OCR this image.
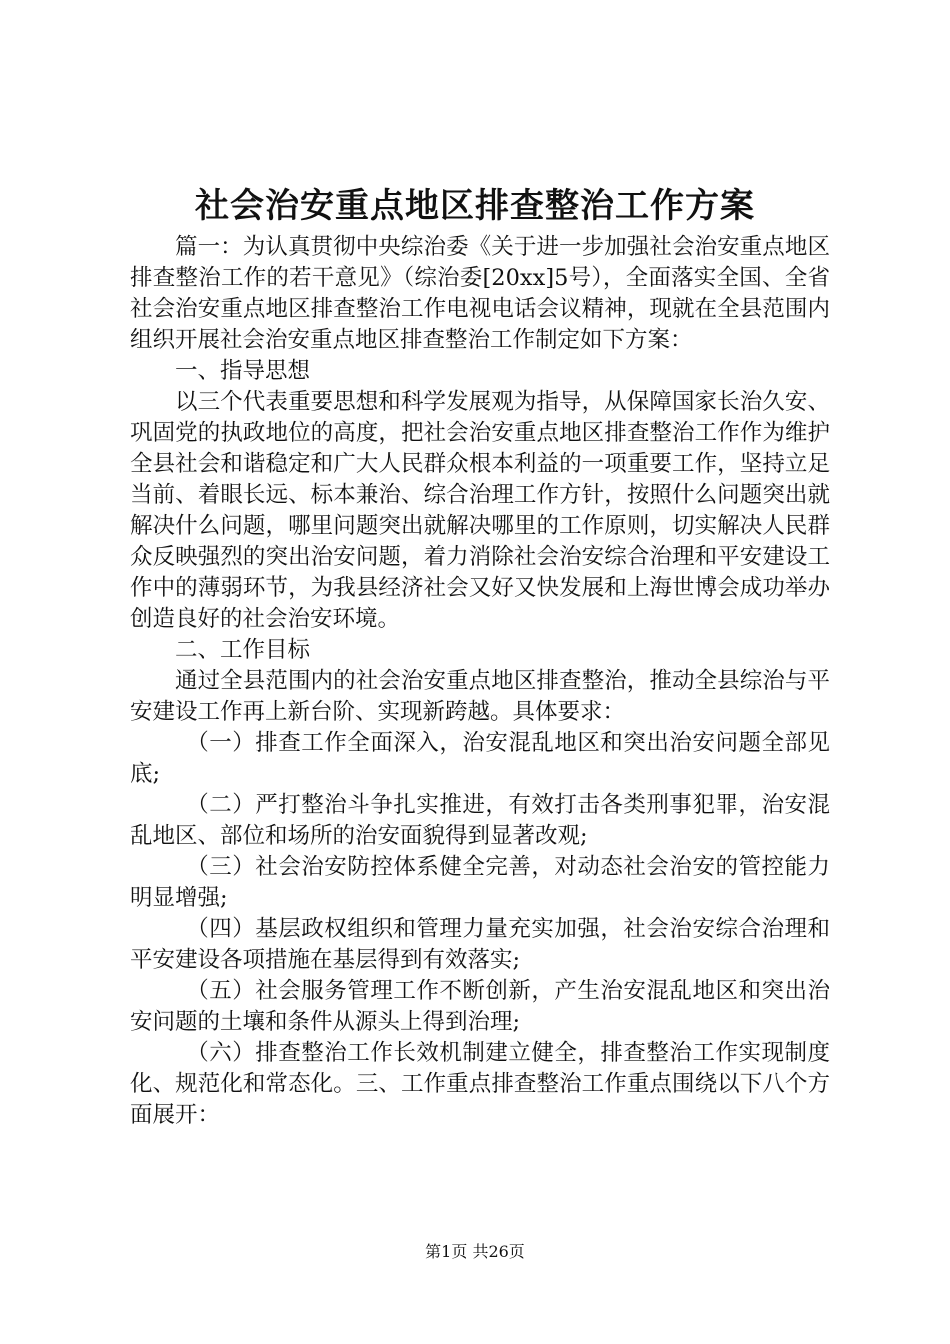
社会治安重点地区排查整治工作方案

篇一：为认真贯彻中央综治委《关于进一步加强社会治安重点地区排查整治工作的若干意见》（综治委[20xx]5号），全面落实全国、全省社会治安重点地区排查整治工作电视电话会议精神，现就在全县范围内组织开展社会治安重点地区排查整治工作制定如下方案：

一、指导思想

以三个代表重要思想和科学发展观为指导，从保障国家长治久安、巩固党的执政地位的高度，把社会治安重点地区排查整治工作作为维护全县社会和谐稳定和广大人民群众根本利益的一项重要工作，坚持立足当前、着眼长远、标本兼治、综合治理工作方针，按照什么问题突出就解决什么问题，哪里问题突出就解决哪里的工作原则，切实解决人民群众反映强烈的突出治安问题，着力消除社会治安综合治理和平安建设工作中的薄弱环节，为我县经济社会又好又快发展和上海世博会成功举办创造良好的社会治安环境。

二、工作目标

通过全县范围内的社会治安重点地区排查整治，推动全县综治与平安建设工作再上新台阶、实现新跨越。具体要求：

（一）排查工作全面深入，治安混乱地区和突出治安问题全部见底;

（二）严打整治斗争扎实推进，有效打击各类刑事犯罪，治安混乱地区、部位和场所的治安面貌得到显著改观;

（三）社会治安防控体系健全完善，对动态社会治安的管控能力明显增强;

（四）基层政权组织和管理力量充实加强，社会治安综合治理和平安建设各项措施在基层得到有效落实;

（五）社会服务管理工作不断创新，产生治安混乱地区和突出治安问题的土壤和条件从源头上得到治理;

（六）排查整治工作长效机制建立健全，排查整治工作实现制度化、规范化和常态化。三、工作重点排查整治工作重点围绕以下八个方面展开：

第1页 共26页
